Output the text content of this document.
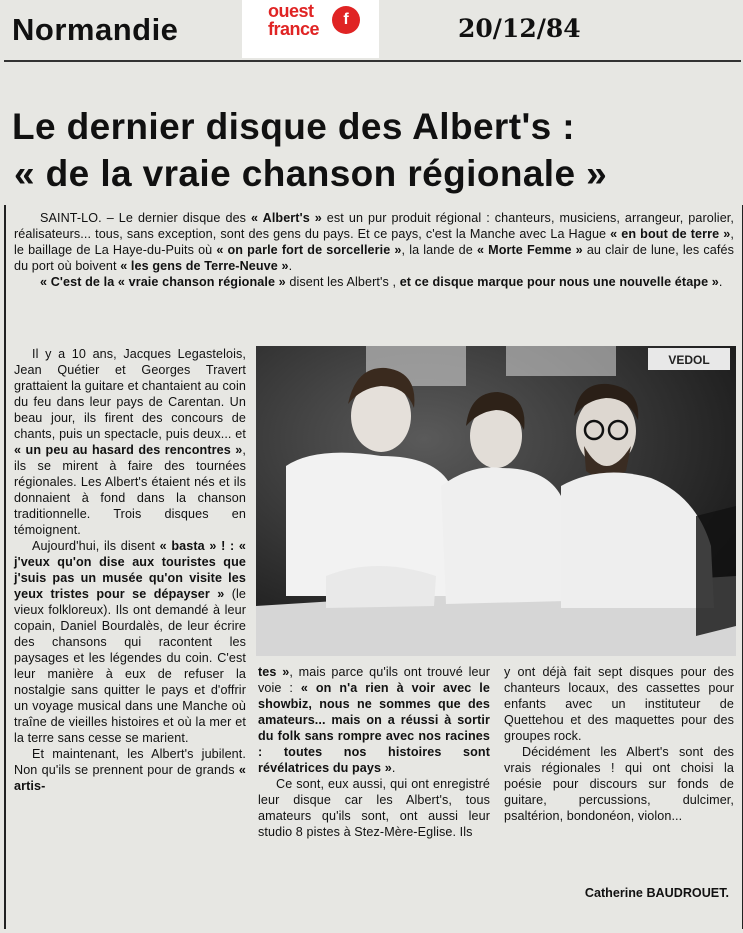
Normandie
ouest
france	f	20/12/84
Le dernier disque des Albert's :
« de la vraie chanson régionale »

SAINT-LO. – Le dernier disque des « Albert's » est un pur produit régional : chanteurs, musiciens, arrangeur, parolier, réalisateurs... tous, sans exception, sont des gens du pays. Et ce pays, c'est la Manche avec La Hague « en bout de terre », le baillage de La Haye-du-Puits où « on parle fort de sorcellerie », la lande de « Morte Femme » au clair de lune, les cafés du port où boivent « les gens de Terre-Neuve ».

« C'est de la « vraie chanson régionale » disent les Albert's , et ce disque marque pour nous une nouvelle étape ».

Il y a 10 ans, Jacques Legastelois, Jean Quétier et Georges Travert grattaient la guitare et chantaient au coin du feu dans leur pays de Carentan. Un beau jour, ils firent des concours de chants, puis un spectacle, puis deux... et « un peu au hasard des rencontres », ils se mirent à faire des tournées régionales. Les Albert's étaient nés et ils donnaient à fond dans la chanson traditionnelle. Trois disques en témoignent.

Aujourd'hui, ils disent « basta » ! : « j'veux qu'on dise aux touristes que j'suis pas un musée qu'on visite les yeux tristes pour se dépayser » (le vieux folkloreux). Ils ont demandé à leur copain, Daniel Bourdalès, de leur écrire des chansons qui racontent les paysages et les légendes du coin. C'est leur manière à eux de refuser la nostalgie sans quitter le pays et d'offrir un voyage musical dans une Manche où traîne de vieilles histoires et où la mer et la terre sans cesse se marient.

Et maintenant, les Albert's jubilent. Non qu'ils se prennent pour de grands « artis-

VEDOL

tes », mais parce qu'ils ont trouvé leur voie : « on n'a rien à voir avec le showbiz, nous ne sommes que des amateurs... mais on a réussi à sortir du folk sans rompre avec nos racines : toutes nos histoires sont révélatrices du pays ».

Ce sont, eux aussi, qui ont enregistré leur disque car les Albert's, tous amateurs qu'ils sont, ont aussi leur studio 8 pistes à Stez-Mère-Eglise. Ils

y ont déjà fait sept disques pour des chanteurs locaux, des cassettes pour enfants avec un instituteur de Quettehou et des maquettes pour des groupes rock.

Décidément les Albert's sont des vrais régionales ! qui ont choisi la poésie pour discours sur fonds de guitare, percussions, dulcimer, psaltérion, bondonéon, violon...

Catherine BAUDROUET.
